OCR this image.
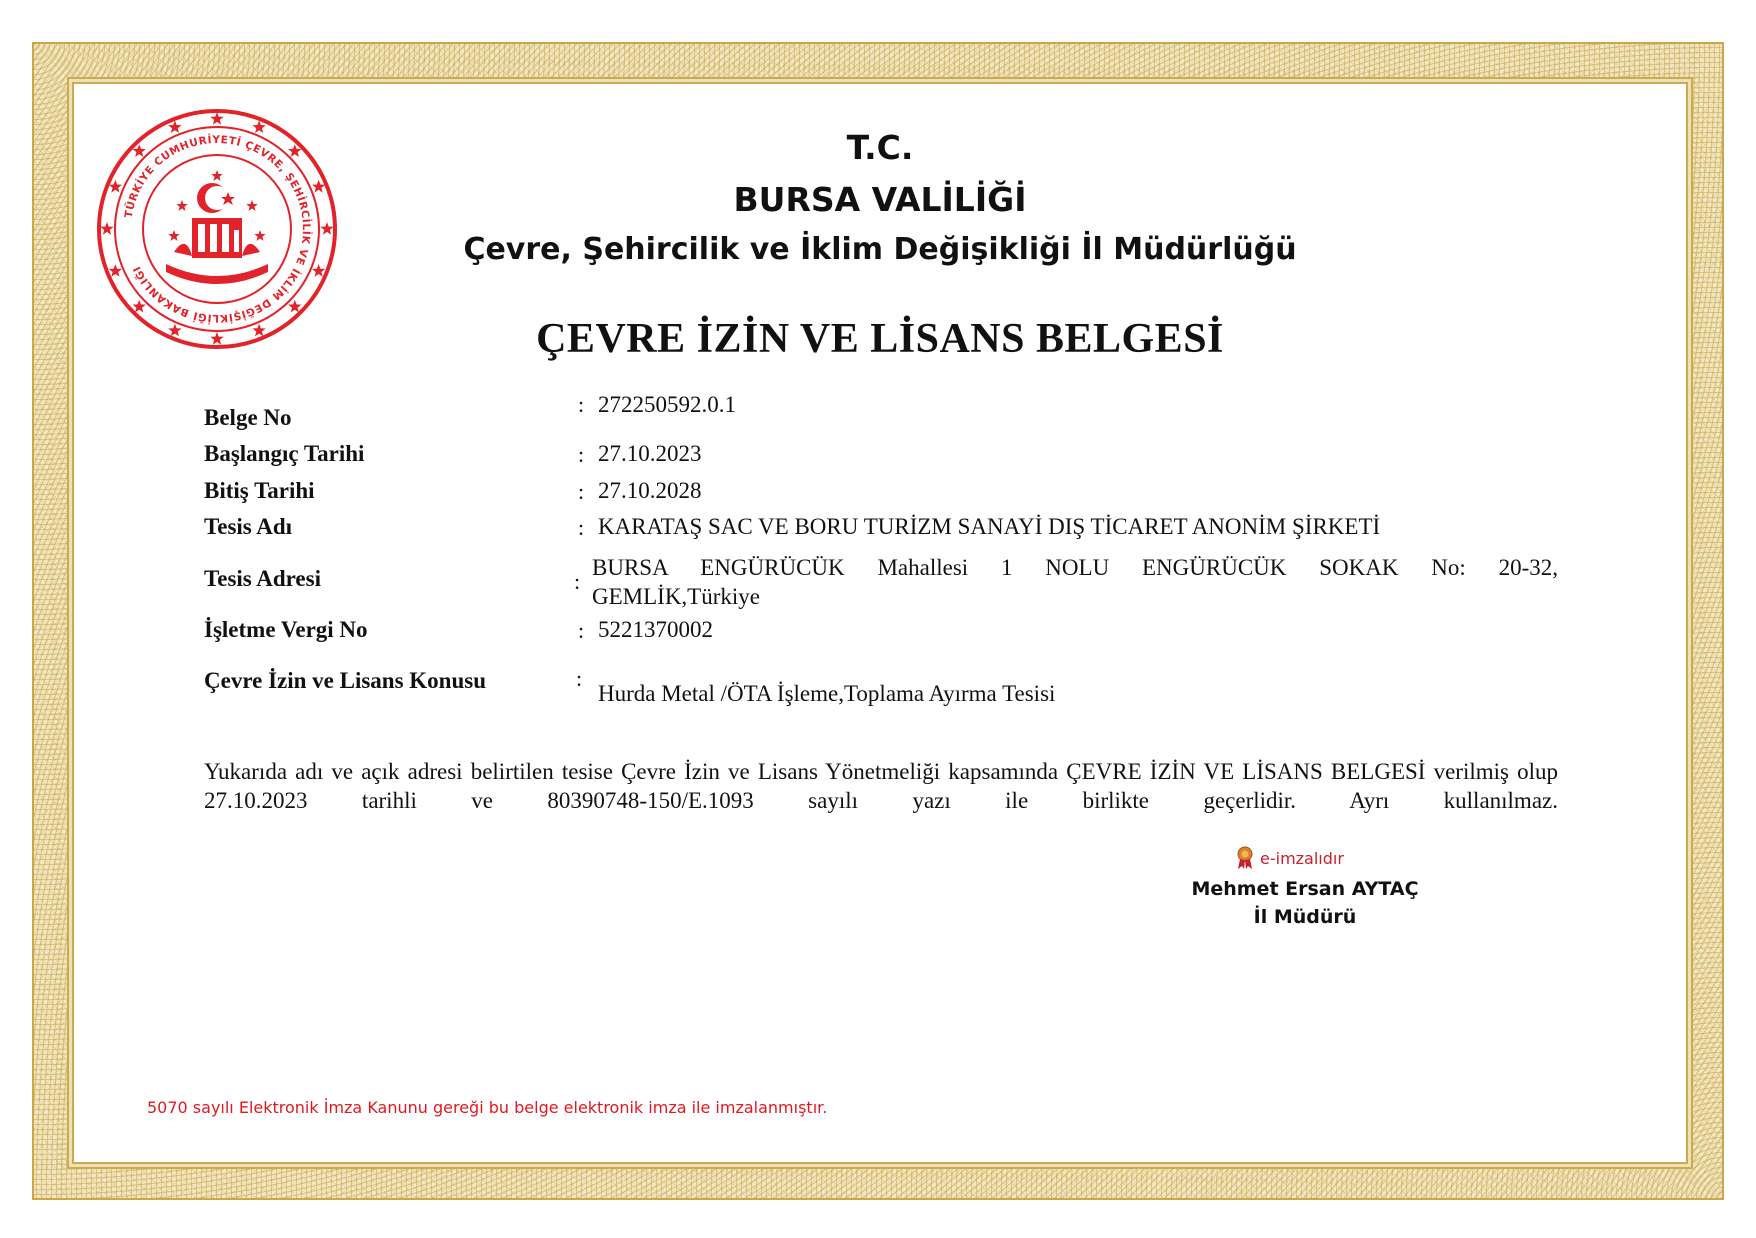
TÜRKİYE CUMHURİYETİ ÇEVRE, ŞEHİRCİLİK VE İKLİM DEĞİŞİKLİĞİ BAKANLIĞI
T.C.
BURSA VALİLİĞİ
Çevre, Şehircilik ve İklim Değişikliği İl Müdürlüğü
ÇEVRE İZİN VE LİSANS BELGESİ
Belge No
: 272250592.0.1
Başlangıç Tarihi	: 27.10.2023
Bitiş Tarihi	: 27.10.2028
Tesis Adı	: KARATAŞ SAC VE BORU TURİZM SANAYİ DIŞ TİCARET ANONİM ŞİRKETİ
Tesis Adresi	:
BURSA ENGÜRÜCÜK Mahallesi 1 NOLU ENGÜRÜCÜK SOKAK No: 20-32,
GEMLİK,Türkiye
İşletme Vergi No	: 5221370002
Çevre İzin ve Lisans Konusu	:
Hurda Metal /ÖTA İşleme,Toplama Ayırma Tesisi
Yukarıda adı ve açık adresi belirtilen tesise Çevre İzin ve Lisans Yönetmeliği kapsamında ÇEVRE İZİN VE LİSANS BELGESİ verilmiş olup 27.10.2023 tarihli ve 80390748-150/E.1093 sayılı yazı ile birlikte geçerlidir. Ayrı kullanılmaz.
e-imzalıdır
Mehmet Ersan AYTAÇ
İl Müdürü
5070 sayılı Elektronik İmza Kanunu gereği bu belge elektronik imza ile imzalanmıştır.
